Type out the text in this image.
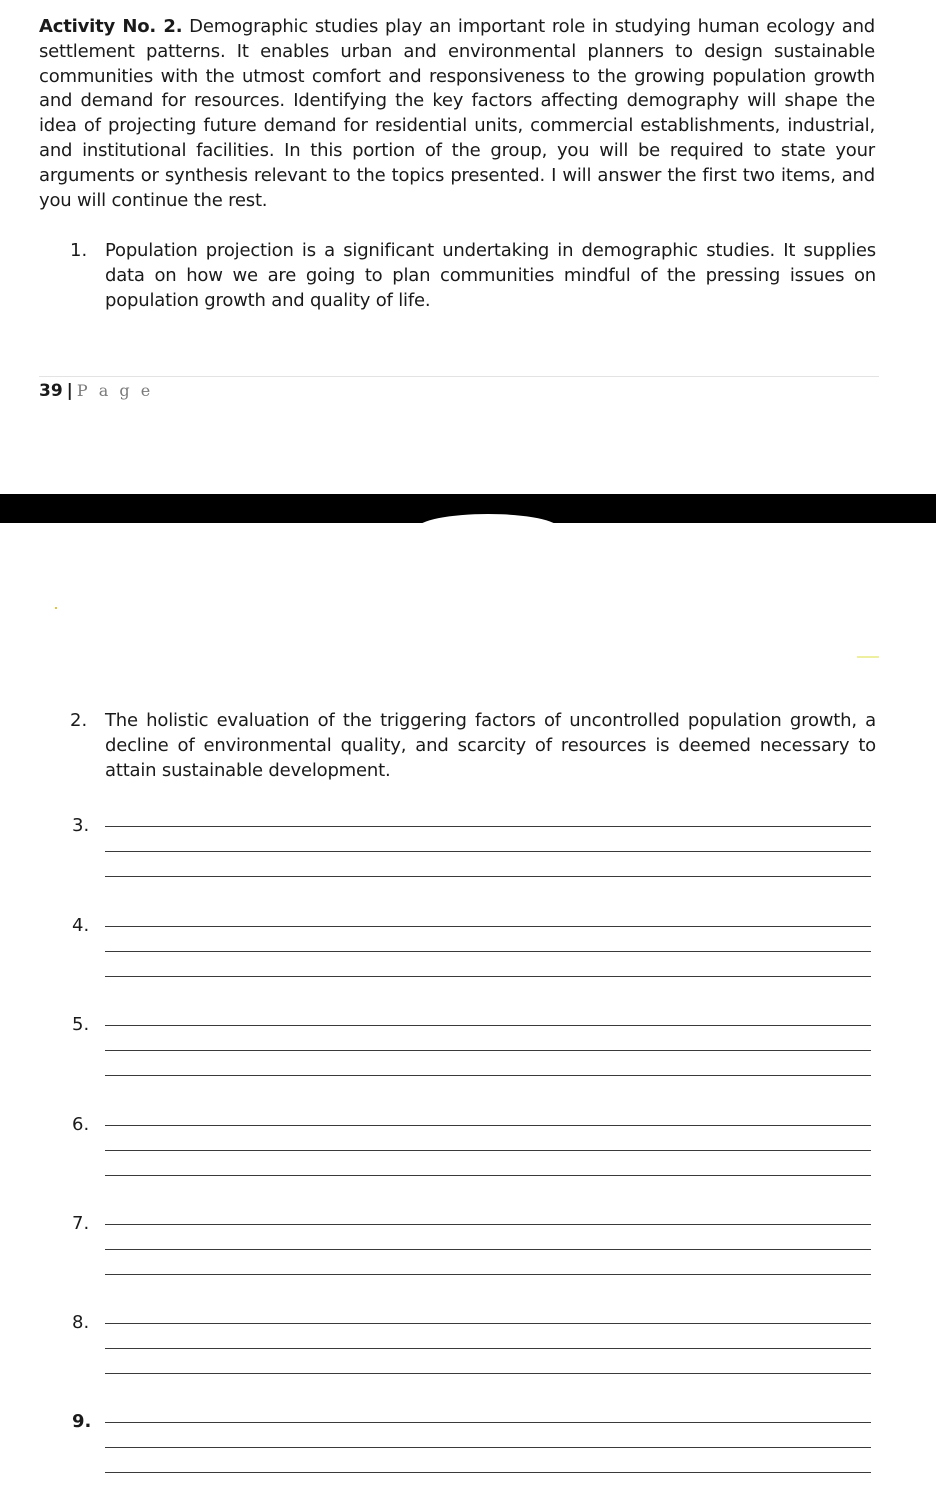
Activity No. 2. Demographic studies play an important role in studying human ecology and settlement patterns. It enables urban and environmental planners to design sustainable communities with the utmost comfort and responsiveness to the growing population growth and demand for resources. Identifying the key factors affecting demography will shape the idea of projecting future demand for residential units, commercial establishments, industrial, and institutional facilities. In this portion of the group, you will be required to state your arguments or synthesis relevant to the topics presented. I will answer the first two items, and you will continue the rest.

1. Population projection is a significant undertaking in demographic studies. It supplies data on how we are going to plan communities mindful of the pressing issues on population growth and quality of life.
39 | P a g e
2. The holistic evaluation of the triggering factors of uncontrolled population growth, a decline of environmental quality, and scarcity of resources is deemed necessary to attain sustainable development.
3.
4.
5.
6.
7.
8.
9.
